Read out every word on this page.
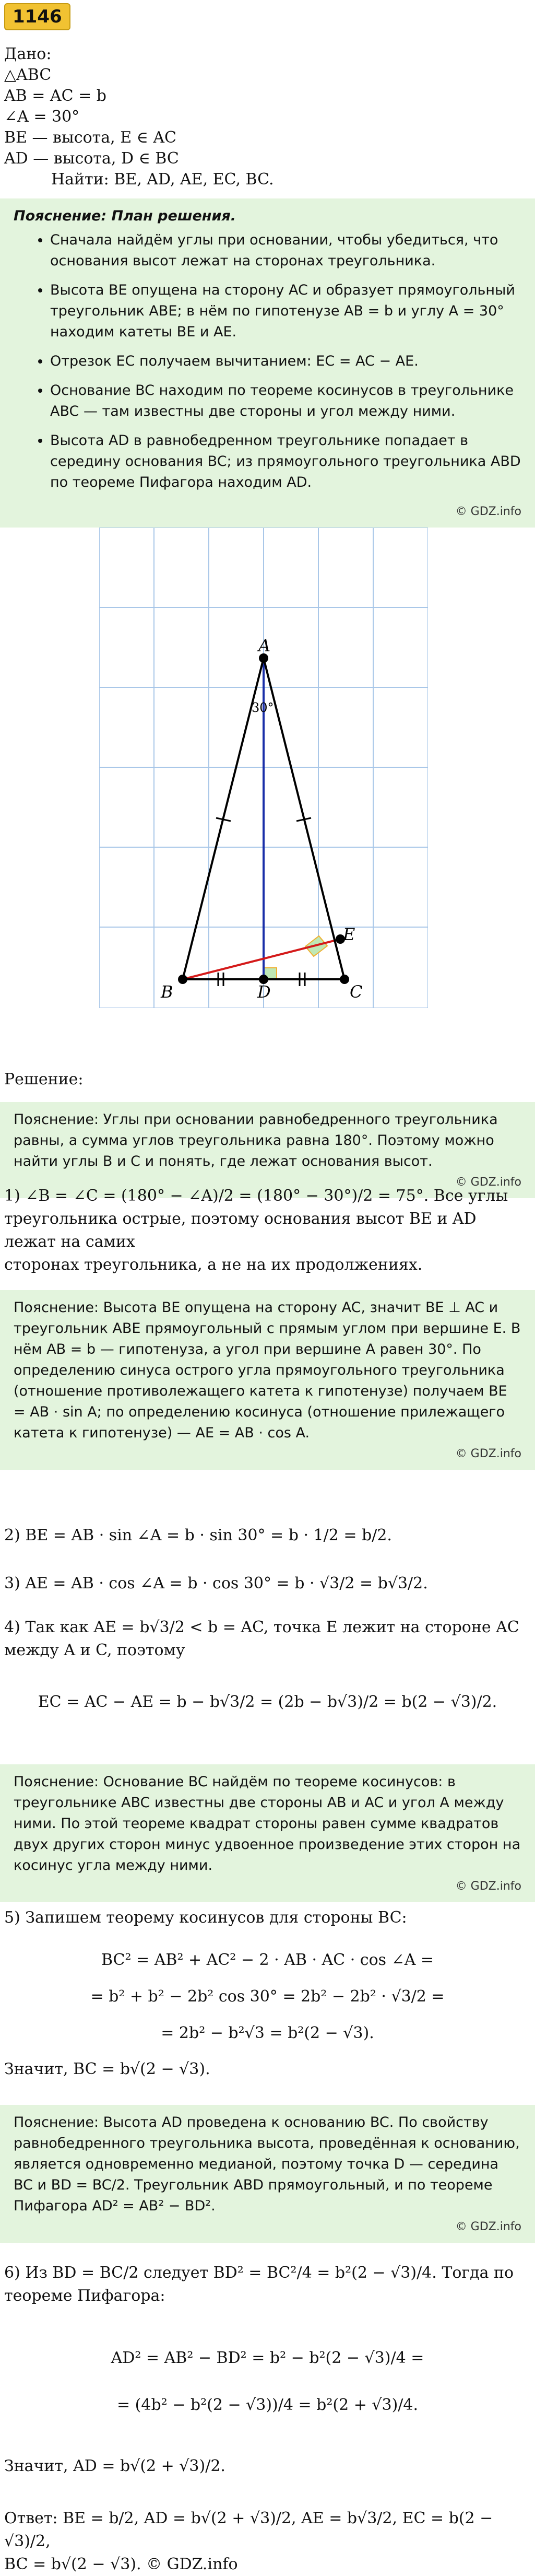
1146
Дано:
△ABC
AB = AC = b
∠A = 30°
BE — высота, E ∈ AC
AD — высота, D ∈ BC
Найти: BE, AD, AE, EC, BC.
Пояснение: План решения.
• Сначала найдём углы при основании, чтобы убедиться, что основания высот лежат на сторонах треугольника.
• Высота BE опущена на сторону AC и образует прямоугольный треугольник ABE; в нём по гипотенузе AB = b и углу A = 30° находим катеты BE и AE.
• Отрезок EC получаем вычитанием: EC = AC − AE.
• Основание BC находим по теореме косинусов в треугольнике ABC — там известны две стороны и угол между ними.
• Высота AD в равнобедренном треугольнике попадает в середину основания BC; из прямоугольного треугольника ABD по теореме Пифагора находим AD.
© GDZ.info
A
B	C
D
E
30°
Решение:
Пояснение: Углы при основании равнобедренного треугольника равны, а сумма углов треугольника равна 180°. Поэтому можно найти углы B и C и понять, где лежат основания высот.
© GDZ.info
1) ∠B = ∠C = (180° − ∠A)/2 = (180° − 30°)/2 = 75°. Все углы треугольника острые, поэтому основания высот BE и AD лежат на самих
сторонах треугольника, а не на их продолжениях.
Пояснение: Высота BE опущена на сторону AC, значит BE ⊥ AC и треугольник ABE прямоугольный с прямым углом при вершине E. В нём AB = b — гипотенуза, а угол при вершине A равен 30°. По определению синуса острого угла прямоугольного треугольника (отношение противолежащего катета к гипотенузе) получаем BE = AB · sin A; по определению косинуса (отношение прилежащего катета к гипотенузе) — AE = AB · cos A.
© GDZ.info
2) BE = AB · sin ∠A = b · sin 30° = b · 1/2 = b/2.
3) AE = AB · cos ∠A = b · cos 30° = b · √3/2 = b√3/2.
4) Так как AE = b√3/2 < b = AC, точка E лежит на стороне AC
между A и C, поэтому
EC = AC − AE = b − b√3/2 = (2b − b√3)/2 = b(2 − √3)/2.
Пояснение: Основание BC найдём по теореме косинусов: в треугольнике ABC известны две стороны AB и AC и угол A между ними. По этой теореме квадрат стороны равен сумме квадратов двух других сторон минус удвоенное произведение этих сторон на косинус угла между ними.
© GDZ.info
5) Запишем теорему косинусов для стороны BC:
BC² = AB² + AC² − 2 · AB · AC · cos ∠A =
= b² + b² − 2b² cos 30° = 2b² − 2b² · √3/2 =
= 2b² − b²√3 = b²(2 − √3).
Значит, BC = b√(2 − √3).
Пояснение: Высота AD проведена к основанию BC. По свойству равнобедренного треугольника высота, проведённая к основанию, является одновременно медианой, поэтому точка D — середина BC и BD = BC/2. Треугольник ABD прямоугольный, и по теореме Пифагора AD² = AB² − BD².
© GDZ.info
6) Из BD = BC/2 следует BD² = BC²/4 = b²(2 − √3)/4. Тогда по
теореме Пифагора:
AD² = AB² − BD² = b² − b²(2 − √3)/4 =
= (4b² − b²(2 − √3))/4 = b²(2 + √3)/4.
Значит, AD = b√(2 + √3)/2.
Ответ: BE = b/2, AD = b√(2 + √3)/2, AE = b√3/2, EC = b(2 − √3)/2,
BC = b√(2 − √3). © GDZ.info
